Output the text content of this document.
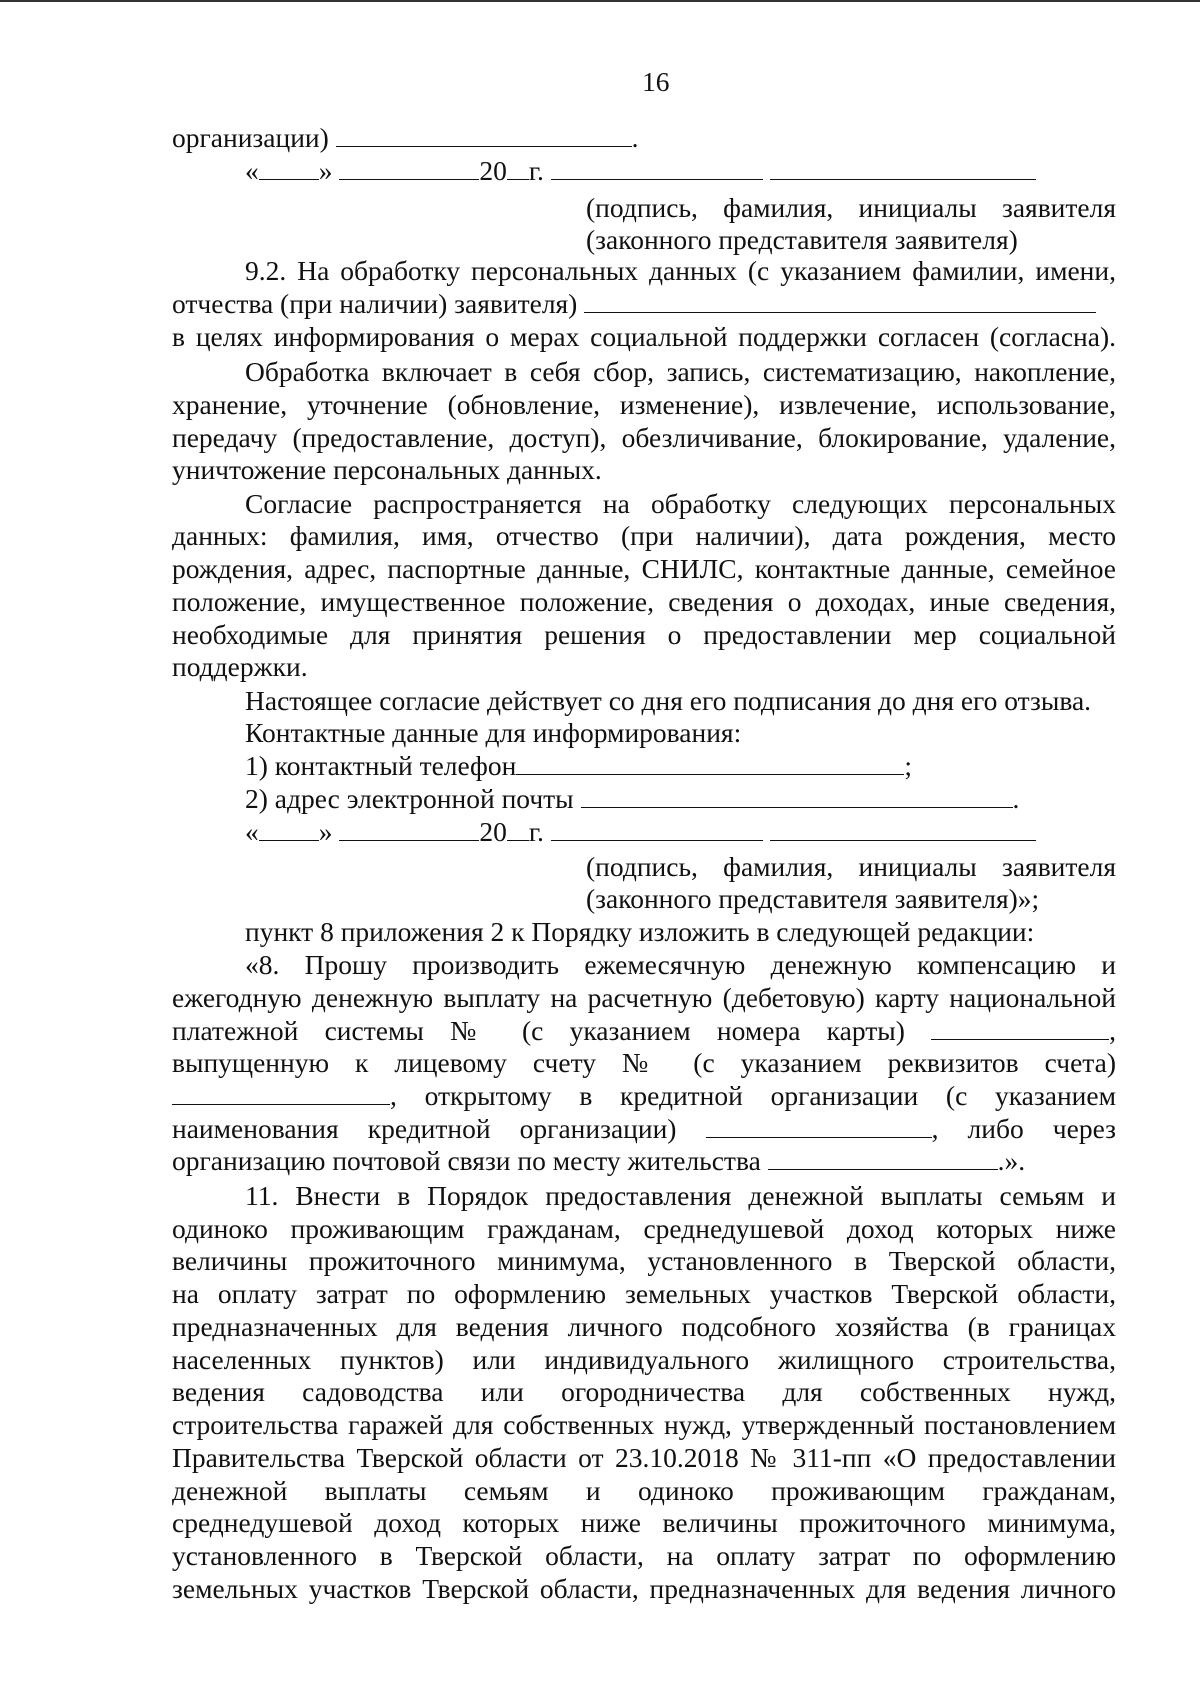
16
организации)	.
« »	20 г.
(подпись, фамилия, инициалы заявителя
(законного представителя заявителя)
9.2. На обработку персональных данных (с указанием фамилии, имени,
отчества (при наличии) заявителя)
в целях информирования о мерах социальной поддержки согласен (согласна).
Обработка включает в себя сбор, запись, систематизацию, накопление,
хранение, уточнение (обновление, изменение), извлечение, использование,
передачу (предоставление, доступ), обезличивание, блокирование, удаление,
уничтожение персональных данных.
Согласие распространяется на обработку следующих персональных
данных: фамилия, имя, отчество (при наличии), дата рождения, место
рождения, адрес, паспортные данные, СНИЛС, контактные данные, семейное
положение, имущественное положение, сведения о доходах, иные сведения,
необходимые для принятия решения о предоставлении мер социальной
поддержки.
Настоящее согласие действует со дня его подписания до дня его отзыва.
Контактные данные для информирования:
1) контактный телефон	;
2) адрес электронной почты	.
« »	20 г.
(подпись, фамилия, инициалы заявителя
(законного представителя заявителя)»;
пункт 8 приложения 2 к Порядку изложить в следующей редакции:
«8. Прошу производить ежемесячную денежную компенсацию и
ежегодную денежную выплату на расчетную (дебетовую) карту национальной
платежной системы № (с указанием номера карты)	,
выпущенную к лицевому счету № (с указанием реквизитов счета)
, открытому в кредитной организации (с указанием
наименования кредитной организации)	, либо через
организацию почтовой связи по месту жительства	.».
11. Внести в Порядок предоставления денежной выплаты семьям и
одиноко проживающим гражданам, среднедушевой доход которых ниже
величины прожиточного минимума, установленного в Тверской области,
на оплату затрат по оформлению земельных участков Тверской области,
предназначенных для ведения личного подсобного хозяйства (в границах
населенных пунктов) или индивидуального жилищного строительства,
ведения садоводства или огородничества для собственных нужд,
строительства гаражей для собственных нужд, утвержденный постановлением
Правительства Тверской области от 23.10.2018 № 311-пп «О предоставлении
денежной выплаты семьям и одиноко проживающим гражданам,
среднедушевой доход которых ниже величины прожиточного минимума,
установленного в Тверской области, на оплату затрат по оформлению
земельных участков Тверской области, предназначенных для ведения личного
